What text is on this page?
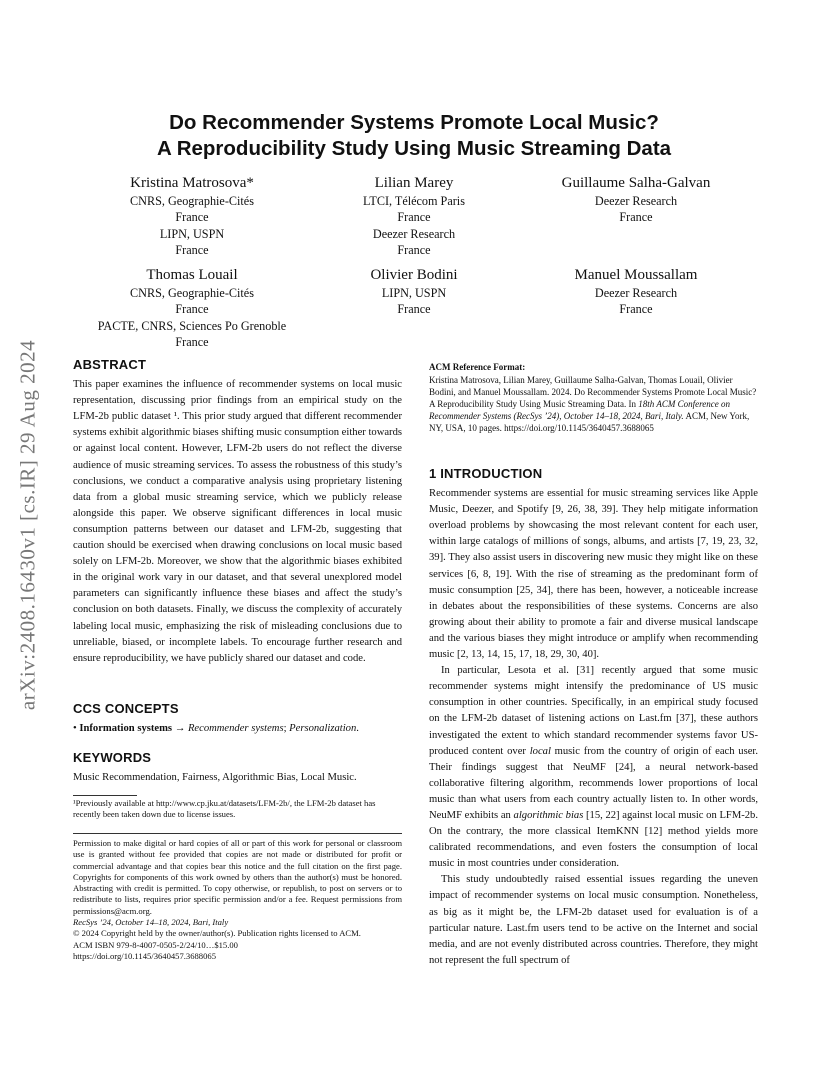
arXiv:2408.16430v1 [cs.IR] 29 Aug 2024
Do Recommender Systems Promote Local Music?
A Reproducibility Study Using Music Streaming Data
Kristina Matrosova*
CNRS, Geographie-Cités
France
LIPN, USPN
France
Lilian Marey
LTCI, Télécom Paris
France
Deezer Research
France
Guillaume Salha-Galvan
Deezer Research
France
Thomas Louail
CNRS, Geographie-Cités
France
PACTE, CNRS, Sciences Po Grenoble
France
Olivier Bodini
LIPN, USPN
France
Manuel Moussallam
Deezer Research
France
ABSTRACT

This paper examines the influence of recommender systems on local music representation, discussing prior findings from an empirical study on the LFM-2b public dataset ¹. This prior study argued that different recommender systems exhibit algorithmic biases shifting music consumption either towards or against local content. However, LFM-2b users do not reflect the diverse audience of music streaming services. To assess the robustness of this study’s conclusions, we conduct a comparative analysis using proprietary listening data from a global music streaming service, which we publicly release alongside this paper. We observe significant differences in local music consumption patterns between our dataset and LFM-2b, suggesting that caution should be exercised when drawing conclusions on local music based solely on LFM-2b. Moreover, we show that the algorithmic biases exhibited in the original work vary in our dataset, and that several unexplored model parameters can significantly influence these biases and affect the study’s conclusion on both datasets. Finally, we discuss the complexity of accurately labeling local music, emphasizing the risk of misleading conclusions due to unreliable, biased, or incomplete labels. To encourage further research and ensure reproducibility, we have publicly shared our dataset and code.

CCS CONCEPTS

• Information systems → Recommender systems; Personalization.

KEYWORDS

Music Recommendation, Fairness, Algorithmic Bias, Local Music.

¹Previously available at http://www.cp.jku.at/datasets/LFM-2b/, the LFM-2b dataset has recently been taken down due to license issues.

Permission to make digital or hard copies of all or part of this work for personal or classroom use is granted without fee provided that copies are not made or distributed for profit or commercial advantage and that copies bear this notice and the full citation on the first page. Copyrights for components of this work owned by others than the author(s) must be honored. Abstracting with credit is permitted. To copy otherwise, or republish, to post on servers or to redistribute to lists, requires prior specific permission and/or a fee. Request permissions from permissions@acm.org.

RecSys ’24, October 14–18, 2024, Bari, Italy

© 2024 Copyright held by the owner/author(s). Publication rights licensed to ACM.

ACM ISBN 979-8-4007-0505-2/24/10…$15.00

https://doi.org/10.1145/3640457.3688065

ACM Reference Format:

Kristina Matrosova, Lilian Marey, Guillaume Salha-Galvan, Thomas Louail, Olivier Bodini, and Manuel Moussallam. 2024. Do Recommender Systems Promote Local Music? A Reproducibility Study Using Music Streaming Data. In 18th ACM Conference on Recommender Systems (RecSys ’24), October 14–18, 2024, Bari, Italy. ACM, New York, NY, USA, 10 pages. https://doi.org/10.1145/3640457.3688065

1 INTRODUCTION

Recommender systems are essential for music streaming services like Apple Music, Deezer, and Spotify [9, 26, 38, 39]. They help mitigate information overload problems by showcasing the most relevant content for each user, within large catalogs of millions of songs, albums, and artists [7, 19, 23, 32, 39]. They also assist users in discovering new music they might like on these services [6, 8, 19]. With the rise of streaming as the predominant form of music consumption [25, 34], there has been, however, a noticeable increase in debates about the responsibilities of these systems. Concerns are also growing about their ability to promote a fair and diverse musical landscape and the various biases they might introduce or amplify when recommending music [2, 13, 14, 15, 17, 18, 29, 30, 40].

In particular, Lesota et al. [31] recently argued that some music recommender systems might intensify the predominance of US music consumption in other countries. Specifically, in an empirical study focused on the LFM-2b dataset of listening actions on Last.fm [37], these authors investigated the extent to which standard recommender systems favor US-produced content over local music from the country of origin of each user. Their findings suggest that NeuMF [24], a neural network-based collaborative filtering algorithm, recommends lower proportions of local music than what users from each country actually listen to. In other words, NeuMF exhibits an algorithmic bias [15, 22] against local music on LFM-2b. On the contrary, the more classical ItemKNN [12] method yields more calibrated recommendations, and even fosters the consumption of local music in most countries under consideration.

This study undoubtedly raised essential issues regarding the uneven impact of recommender systems on local music consumption. Nonetheless, as big as it might be, the LFM-2b dataset used for evaluation is of a particular nature. Last.fm users tend to be active on the Internet and social media, and are not evenly distributed across countries. Therefore, they might not represent the full spectrum of
